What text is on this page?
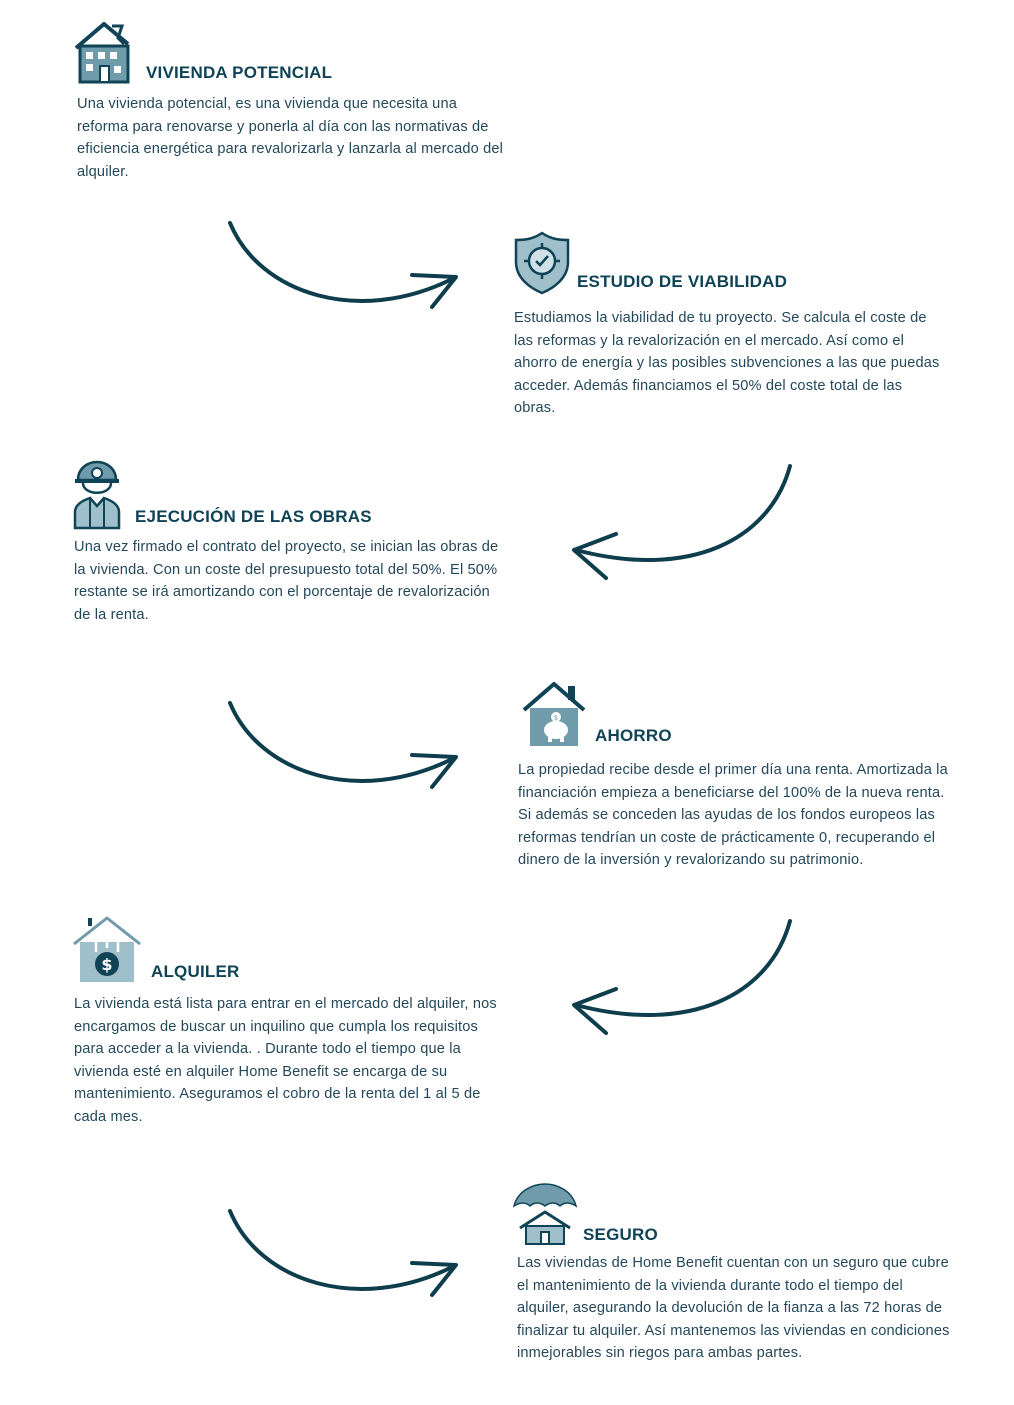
VIVIENDA POTENCIAL

Una vivienda potencial, es una vivienda que necesita una reforma para renovarse y ponerla al día con las normativas de eficiencia energética para revalorizarla y lanzarla al mercado del alquiler.

ESTUDIO DE VIABILIDAD

Estudiamos la viabilidad de tu proyecto. Se calcula el coste de las reformas y la revalorización en el mercado. Así como el ahorro de energía y las posibles subvenciones a las que puedas acceder. Además financiamos el 50% del coste total de las obras.

EJECUCIÓN DE LAS OBRAS

Una vez firmado el contrato del proyecto, se inician las obras de la vivienda. Con un coste del presupuesto total del 50%. El 50% restante se irá amortizando con el porcentaje de revalorización de la renta.

$
AHORRO

La propiedad recibe desde el primer día una renta. Amortizada la financiación empieza a beneficiarse del 100% de la nueva renta. Si además se conceden las ayudas de los fondos europeos las reformas tendrían un coste de prácticamente 0, recuperando el dinero de la inversión y revalorizando su patrimonio.

$ ALQUILER

La vivienda está lista para entrar en el mercado del alquiler, nos encargamos de buscar un inquilino que cumpla los requisitos para acceder a la vivienda. . Durante todo el tiempo que la vivienda esté en alquiler Home Benefit se encarga de su mantenimiento. Aseguramos el cobro de la renta del 1 al 5 de cada mes.

SEGURO

Las viviendas de Home Benefit cuentan con un seguro que cubre el mantenimiento de la vivienda durante todo el tiempo del alquiler, asegurando la devolución de la fianza a las 72 horas de finalizar tu alquiler. Así mantenemos las viviendas en condiciones inmejorables sin riegos para ambas partes.
